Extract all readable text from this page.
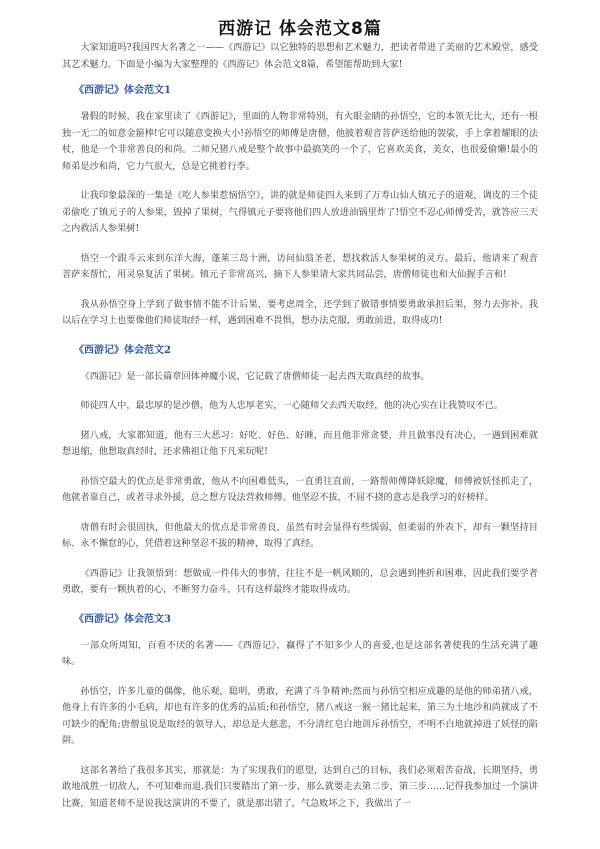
西游记 体会范文8篇

大家知道吗?我国四大名著之一——《西游记》以它独特的思想和艺术魅力，把读者带进了美丽的艺术殿堂，感受其艺术魅力。下面是小编为大家整理的《西游记》体会范文8篇，希望能帮助到大家!

《西游记》体会范文1

暑假的时候，我在家里读了《西游记》，里面的人物非常特别，有火眼金睛的孙悟空，它的本领无比大，还有一根独一无二的如意金箍棒!它可以随意变换大小!孙悟空的师傅是唐僧，他披着观音菩萨送给他的袈裟，手上拿着耀眼的法杖，他是一个非常善良的和尚。二师兄猪八戒是整个故事中最搞笑的一个了，它喜欢美食，美女，也很爱偷懒!最小的师弟是沙和尚，它力气很大，总是它挑着行李。

让我印象最深的一集是《吃人参果惹恼悟空》，讲的就是师徒四人来到了万寿山仙人镇元子的道观，调皮的三个徒弟偷吃了镇元子的人参果，毁掉了果树，气得镇元子要将他们四人放进油锅里炸了!悟空不忍心师傅受苦，就答应三天之内救活人参果树!

悟空一个跟斗云来到东洋大海，蓬莱三岛十洲，访问仙翁圣老，想找救活人参果树的灵方。最后，他请来了观音菩萨来帮忙，用灵泉复活了果树。镇元子非常高兴，摘下人参果请大家共同品尝，唐僧师徒也和大仙握手言和!

我从孙悟空身上学到了做事情不能不计后果，要考虑周全，还学到了做错事情要勇敢承担后果，努力去弥补。我以后在学习上也要像他们师徒取经一样，遇到困难不畏惧，想办法克服，勇敢前进，取得成功!

《西游记》体会范文2

《西游记》是一部长篇章回体神魔小说，它记载了唐僧师徒一起去西天取真经的故事。

师徒四人中，最忠厚的是沙僧，他为人忠厚老实，一心随师父去西天取经，他的决心实在让我赞叹不已。

猪八戒，大家都知道，他有三大恶习：好吃、好色、好睡，而且他非常贪婪，并且做事没有决心，一遇到困难就想退缩，他想取真经时，还求佛祖让他下凡来玩呢!

孙悟空最大的优点是非常勇敢，他从不向困难低头，一直勇往直前，一路帮师傅降妖除魔，师傅被妖怪抓走了，他就者靠自己，或者寻求外援，总之想方设法营救师傅。他坚忍不拔，不屈不挠的意志是我学习的好榜样。

唐僧有时会很固执，但他最大的优点是非常善良，虽然有时会显得有些懦弱，但柔弱的外表下，却有一颗坚持目标、永不懈怠的心，凭借着这种坚忍不拔的精神，取得了真经。

《西游记》让我领悟到：想做成一件伟大的事情，往往不是一帆风顺的，总会遇到挫折和困难，因此我们要学者勇敢，要有一颗执着的心，不断努力奋斗，只有这样最终才能取得成功。

《西游记》体会范文3

一部众所周知，百看不厌的名著——《西游记》，赢得了不知多少人的喜爱,也是这部名著使我的生活充满了趣味。

孙悟空，许多儿童的偶像，他乐观，聪明，勇敢，充满了斗争精神;然而与孙悟空相应成趣的是他的师弟猪八戒，他身上有许多的小毛病，却也有许多的优秀的品质;和孙悟空，猪八戒这一猴一猪比起来，第三为土地沙和尚就成了不可缺少的配角;唐僧虽说是取经的领导人，却总是大慈悲，不分清红皂白地训斥孙悟空，不明不白地就掉进了妖怪的陷阱。

这部名著给了我很多其实，那就是：为了实现我们的愿望，达到自己的目标，我们必须艰苦奋战，长期坚持，勇敢地战胜一切敌人，不可知难而退.我们只要踏出了第一步，那么就要走去第二步，第三步……记得我参加过一个演讲比赛，知道老师不是说我这演讲的不要了，就是那出错了，气急败坏之下，我做出了一
